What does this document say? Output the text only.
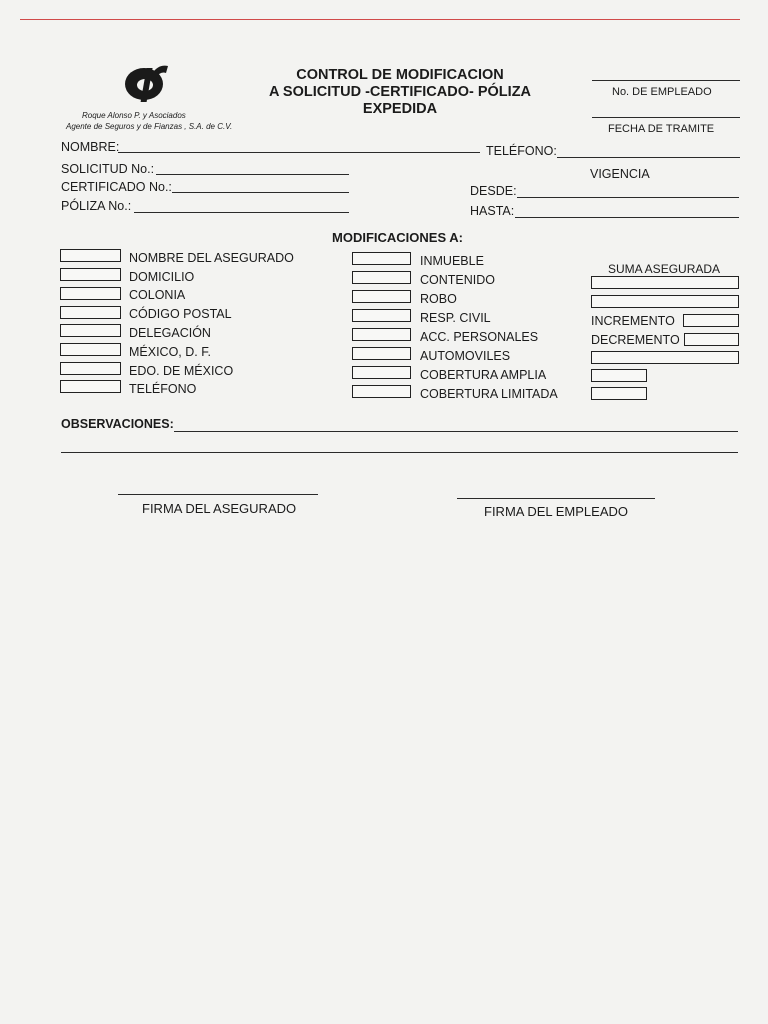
Roque Alonso P. y Asociados
Agente de Seguros y de Fianzas , S.A. de C.V.
CONTROL DE MODIFICACION
A SOLICITUD -CERTIFICADO- PÓLIZA
EXPEDIDA
No. DE EMPLEADO
FECHA DE TRAMITE
NOMBRE:	TELÉFONO:
SOLICITUD No.:
CERTIFICADO No.:
PÓLIZA No.:
VIGENCIA
DESDE:
HASTA:
MODIFICACIONES A:
NOMBRE DEL ASEGURADO
DOMICILIO
COLONIA
CÓDIGO POSTAL
DELEGACIÓN
MÉXICO, D. F.
EDO. DE MÉXICO
TELÉFONO
INMUEBLE
CONTENIDO
ROBO
RESP. CIVIL
ACC. PERSONALES
AUTOMOVILES
COBERTURA AMPLIA
COBERTURA LIMITADA
SUMA ASEGURADA
INCREMENTO
DECREMENTO
OBSERVACIONES:
FIRMA DEL ASEGURADO	FIRMA DEL EMPLEADO
